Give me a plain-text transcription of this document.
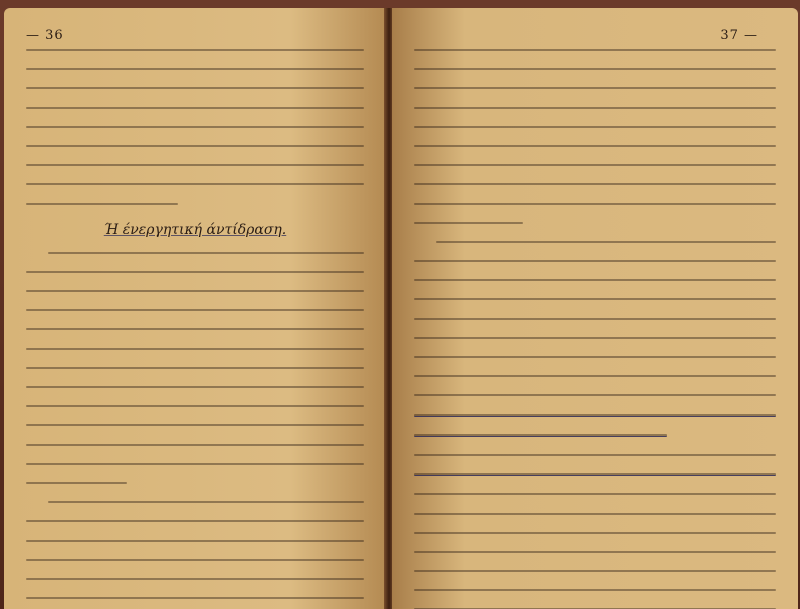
— 36
Ή ένεργητική άντίδραση.
37 —
